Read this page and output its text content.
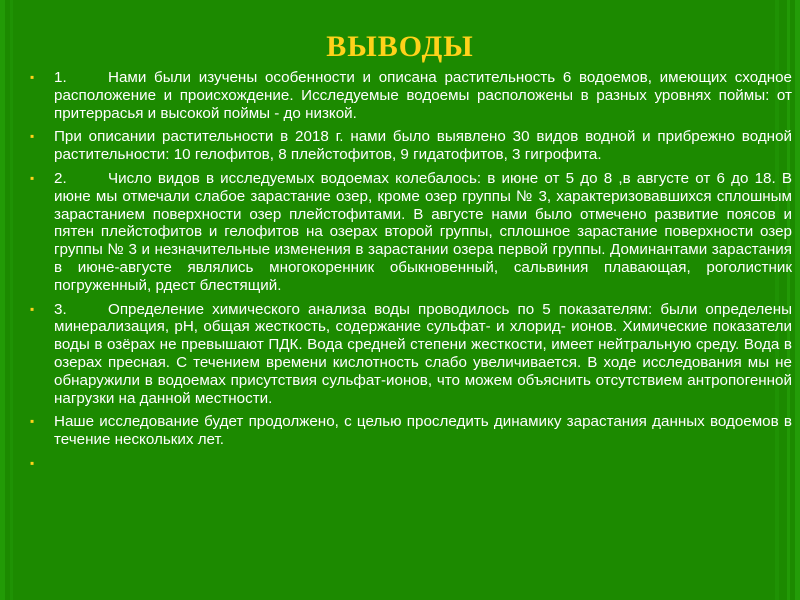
ВЫВОДЫ
▪ 1.	Нами были изучены особенности и описана растительность 6 водоемов, имеющих сходное расположение и происхождение. Исследуемые водоемы расположены в разных уровнях поймы: от притеррасья и высокой поймы - до низкой.
▪ При описании растительности в 2018 г. нами было выявлено 30 видов водной и прибрежно водной растительности: 10 гелофитов, 8 плейстофитов, 9 гидатофитов, 3 гигрофита.
▪ 2.	Число видов в исследуемых водоемах колебалось: в июне от 5 до 8 ,в августе от 6 до 18. В июне мы отмечали слабое зарастание озер, кроме озер группы № 3, характеризовавшихся сплошным зарастанием поверхности озер плейстофитами. В августе нами было отмечено развитие поясов и пятен плейстофитов и гелофитов на озерах второй группы, сплошное зарастание поверхности озер группы № 3 и незначительные изменения в зарастании озера первой группы. Доминантами зарастания в июне-августе являлись многокоренник обыкновенный, сальвиния плавающая, роголистник погруженный, рдест блестящий.
▪ 3.	Определение химического анализа воды проводилось по 5 показателям: были определены минерализация, рН, общая жесткость, содержание сульфат- и хлорид- ионов. Химические показатели воды в озёрах не превышают ПДК. Вода средней степени жесткости, имеет нейтральную среду. Вода в озерах пресная. С течением времени кислотность слабо увеличивается. В ходе исследования мы не обнаружили в водоемах присутствия сульфат-ионов, что можем объяснить отсутствием антропогенной нагрузки на данной местности.
▪ Наше исследование будет продолжено, с целью проследить динамику зарастания данных водоемов в течение нескольких лет.
▪
